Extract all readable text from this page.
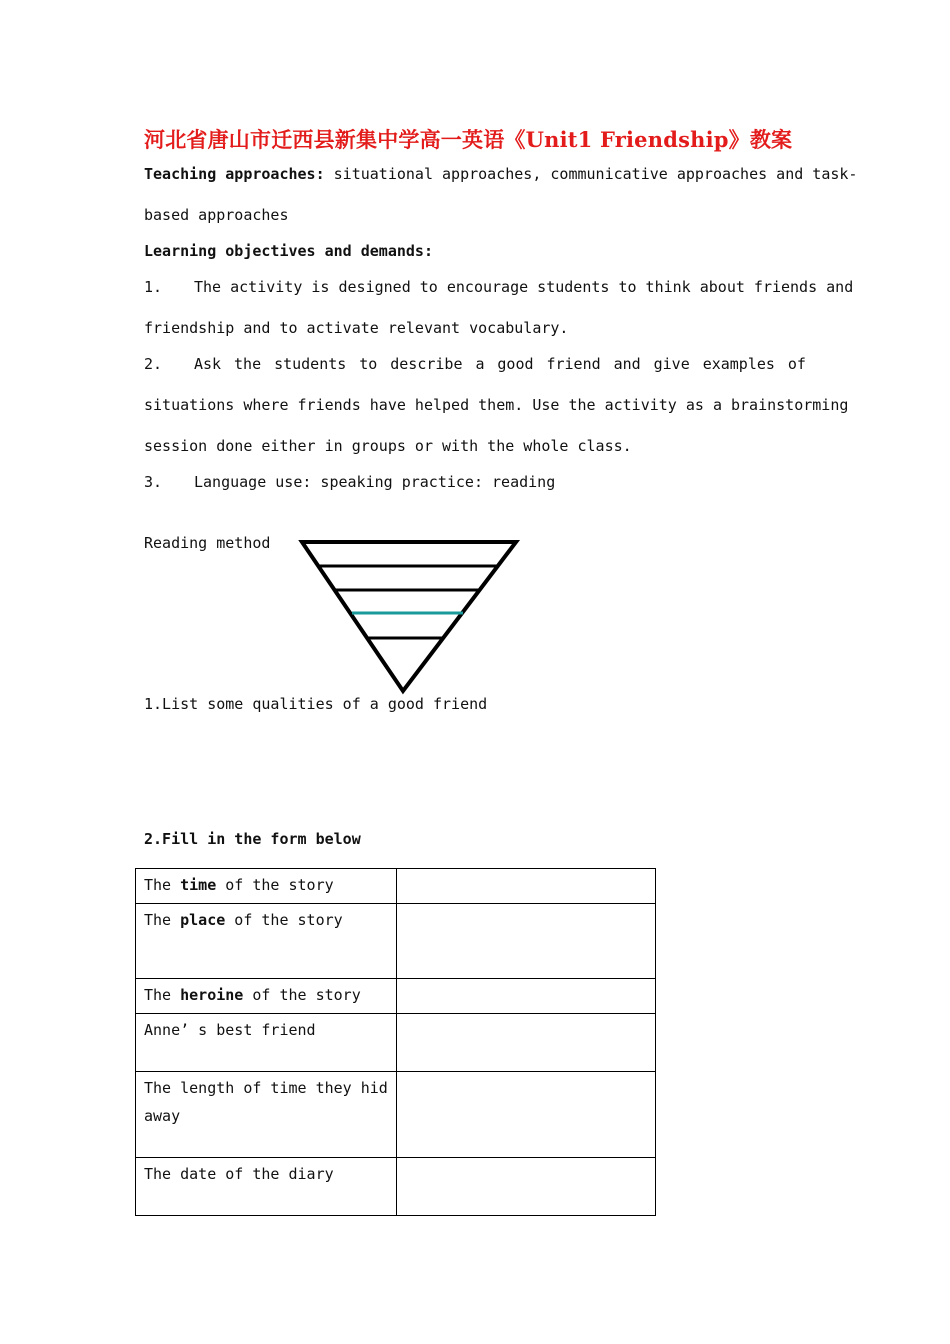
河北省唐山市迁西县新集中学高一英语《Unit1 Friendship》教案
Teaching approaches: situational approaches, communicative approaches and task-
based approaches
Learning objectives and demands:
1. The activity is designed to encourage students to think about friends and
friendship and to activate relevant vocabulary.
2. Ask the students to describe a good friend and give examples of
situations where friends have helped them. Use the activity as a brainstorming
session done either in groups or with the whole class.
3. Language use: speaking practice: reading
Reading method
1.List some qualities of a good friend
2.Fill in the form below
The time of the story	
The place of the story	
The heroine of the story	
Anne’ s best friend	
The length of time they hid away	
The date of the diary	
